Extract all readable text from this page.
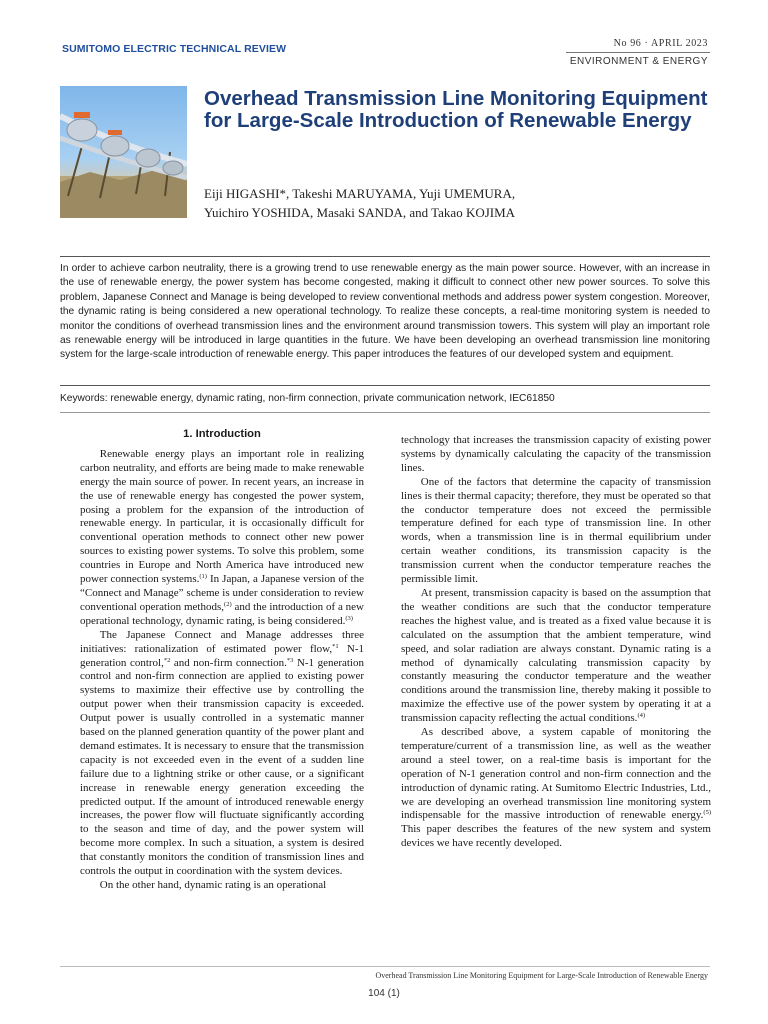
SUMITOMO ELECTRIC TECHNICAL REVIEW	No 96 · APRIL 2023
ENVIRONMENT & ENERGY
Overhead Transmission Line Monitoring Equipment for Large-Scale Introduction of Renewable Energy
Eiji HIGASHI*, Takeshi MARUYAMA, Yuji UMEMURA,
Yuichiro YOSHIDA, Masaki SANDA, and Takao KOJIMA

In order to achieve carbon neutrality, there is a growing trend to use renewable energy as the main power source. However, with an increase in the use of renewable energy, the power system has become congested, making it difficult to connect other new power sources. To solve this problem, Japanese Connect and Manage is being developed to review conventional methods and address power system congestion. Moreover, the dynamic rating is being considered a new operational technology. To realize these concepts, a real-time monitoring system is needed to monitor the conditions of overhead transmission lines and the environment around transmission towers. This system will play an important role as renewable energy will be introduced in large quantities in the future. We have been developing an overhead transmission line monitoring system for the large-scale introduction of renewable energy. This paper introduces the features of our developed system and equipment.

Keywords: renewable energy, dynamic rating, non-firm connection, private communication network, IEC61850
1. Introduction

Renewable energy plays an important role in realizing carbon neutrality, and efforts are being made to make renewable energy the main source of power. In recent years, an increase in the use of renewable energy has congested the power system, posing a problem for the expansion of the introduction of renewable energy. In particular, it is occasionally difficult for conventional operation methods to connect other new power sources to existing power systems. To solve this problem, some countries in Europe and North America have introduced new power connection systems.$^{(1)}$ In Japan, a Japanese version of the “Connect and Manage” scheme is under consideration to review conventional operation methods,$^{(2)}$ and the introduction of a new operational technology, dynamic rating, is being considered.$^{(3)}$

The Japanese Connect and Manage addresses three initiatives: rationalization of estimated power flow,$^{*1}$ N-1 generation control,$^{*2}$ and non-firm connection.$^{*3}$ N-1 generation control and non-firm connection are applied to existing power systems to maximize their effective use by controlling the output power when their transmission capacity is exceeded. Output power is usually controlled in a systematic manner based on the planned generation quantity of the power plant and demand estimates. It is necessary to ensure that the transmission capacity is not exceeded even in the event of a sudden line failure due to a lightning strike or other cause, or a significant increase in renewable energy generation exceeding the predicted output. If the amount of introduced renewable energy increases, the power flow will fluctuate significantly according to the season and time of day, and the power system will become more complex. In such a situation, a system is desired that constantly monitors the condition of transmission lines and controls the output in coordination with the system devices.

On the other hand, dynamic rating is an operational

technology that increases the transmission capacity of existing power systems by dynamically calculating the capacity of the transmission lines.

One of the factors that determine the capacity of transmission lines is their thermal capacity; therefore, they must be operated so that the conductor temperature does not exceed the permissible temperature defined for each type of transmission line. In other words, when a transmission line is in thermal equilibrium under certain weather conditions, its transmission capacity is the transmission current when the conductor temperature reaches the permissible limit.

At present, transmission capacity is based on the assumption that the weather conditions are such that the conductor temperature reaches the highest value, and is treated as a fixed value because it is calculated on the assumption that the ambient temperature, wind speed, and solar radiation are always constant. Dynamic rating is a method of dynamically calculating transmission capacity by constantly measuring the conductor temperature and the weather conditions around the transmission line, thereby making it possible to maximize the effective use of the power system by operating it at a transmission capacity reflecting the actual conditions.$^{(4)}$

As described above, a system capable of monitoring the temperature/current of a transmission line, as well as the weather around a steel tower, on a real-time basis is important for the operation of N-1 generation control and non-firm connection and the introduction of dynamic rating. At Sumitomo Electric Industries, Ltd., we are developing an overhead transmission line monitoring system indispensable for the massive introduction of renewable energy.$^{(5)}$ This paper describes the features of the new system and system devices we have recently developed.

Overhead Transmission Line Monitoring Equipment for Large-Scale Introduction of Renewable Energy
104 (1)
